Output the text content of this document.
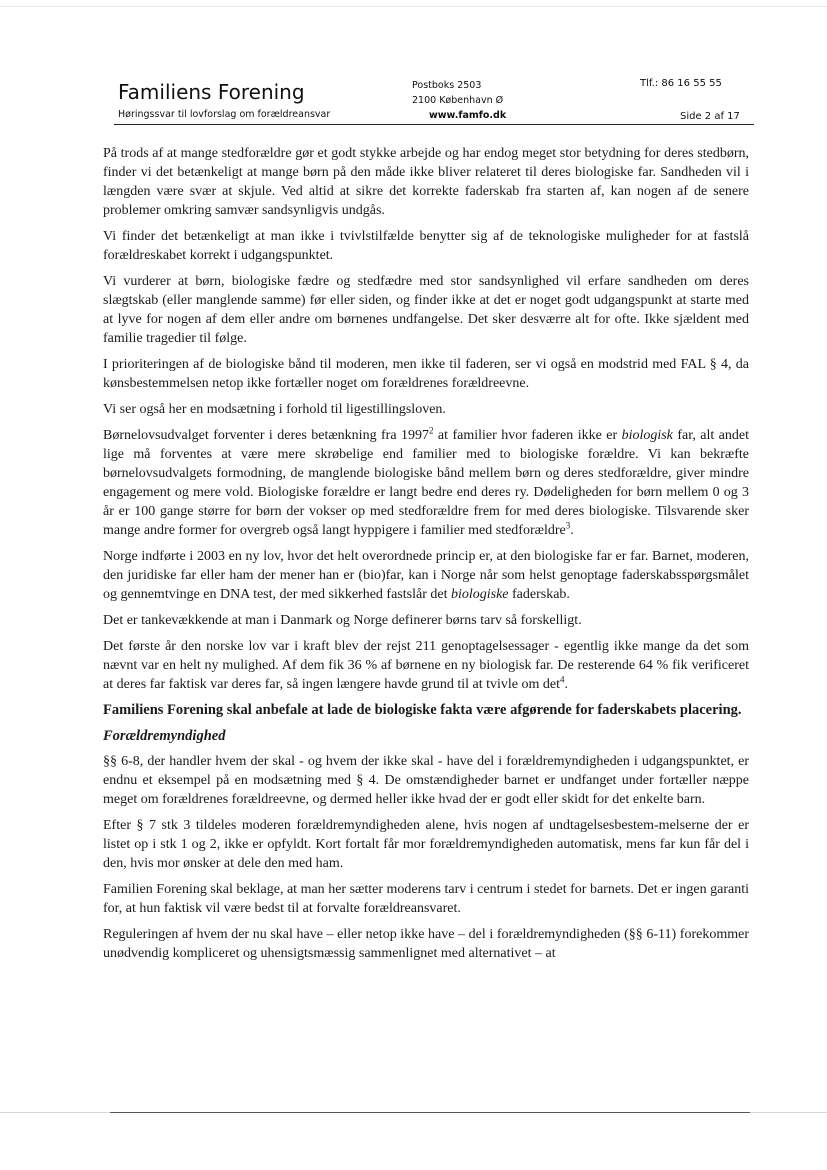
Familiens Forening
Høringssvar til lovforslag om forældreansvar
Postboks 2503
2100 København Ø
www.famfo.dk
Tlf.: 86 16 55 55
Side 2 af 17

På trods af at mange stedforældre gør et godt stykke arbejde og har endog meget stor betydning for deres stedbørn, finder vi det betænkeligt at mange børn på den måde ikke bliver relateret til deres biologiske far. Sandheden vil i længden være svær at skjule. Ved altid at sikre det korrekte faderskab fra starten af, kan nogen af de senere problemer omkring samvær sandsynligvis undgås.

Vi finder det betænkeligt at man ikke i tvivlstilfælde benytter sig af de teknologiske muligheder for at fastslå forældreskabet korrekt i udgangspunktet.

Vi vurderer at børn, biologiske fædre og stedfædre med stor sandsynlighed vil erfare sandheden om deres slægtskab (eller manglende samme) før eller siden, og finder ikke at det er noget godt udgangspunkt at starte med at lyve for nogen af dem eller andre om børnenes undfangelse. Det sker desværre alt for ofte. Ikke sjældent med familie tragedier til følge.

I prioriteringen af de biologiske bånd til moderen, men ikke til faderen, ser vi også en modstrid med FAL § 4, da kønsbestemmelsen netop ikke fortæller noget om forældrenes forældreevne.

Vi ser også her en modsætning i forhold til ligestillingsloven.

Børnelovsudvalget forventer i deres betænkning fra 1997$^2$ at familier hvor faderen ikke er biologisk far, alt andet lige må forventes at være mere skrøbelige end familier med to biologiske forældre. Vi kan bekræfte børnelovsudvalgets formodning, de manglende biologiske bånd mellem børn og deres stedforældre, giver mindre engagement og mere vold. Biologiske forældre er langt bedre end deres ry. Dødeligheden for børn mellem 0 og 3 år er 100 gange større for børn der vokser op med stedforældre frem for med deres biologiske. Tilsvarende sker mange andre former for overgreb også langt hyppigere i familier med stedforældre$^3$.

Norge indførte i 2003 en ny lov, hvor det helt overordnede princip er, at den biologiske far er far. Barnet, moderen, den juridiske far eller ham der mener han er (bio)far, kan i Norge når som helst genoptage faderskabsspørgsmålet og gennemtvinge en DNA test, der med sikkerhed fastslår det biologiske faderskab.

Det er tankevækkende at man i Danmark og Norge definerer børns tarv så forskelligt.

Det første år den norske lov var i kraft blev der rejst 211 genoptagelsessager - egentlig ikke mange da det som nævnt var en helt ny mulighed. Af dem fik 36 % af børnene en ny biologisk far. De resterende 64 % fik verificeret at deres far faktisk var deres far, så ingen længere havde grund til at tvivle om $\det^4$.

Familiens Forening skal anbefale at lade de biologiske fakta være afgørende for faderskabets placering.

Forældremyndighed

§§ 6-8, der handler hvem der skal - og hvem der ikke skal - have del i forældremyndigheden i udgangspunktet, er endnu et eksempel på en modsætning med § 4. De omstændigheder barnet er undfanget under fortæller næppe meget om forældrenes forældreevne, og dermed heller ikke hvad der er godt eller skidt for det enkelte barn.

Efter § 7 stk 3 tildeles moderen forældremyndigheden alene, hvis nogen af undtagelsesbestem-melserne der er listet op i stk 1 og 2, ikke er opfyldt. Kort fortalt får mor forældremyndigheden automatisk, mens far kun får del i den, hvis mor ønsker at dele den med ham.

Familien Forening skal beklage, at man her sætter moderens tarv i centrum i stedet for barnets. Det er ingen garanti for, at hun faktisk vil være bedst til at forvalte forældreansvaret.

Reguleringen af hvem der nu skal have – eller netop ikke have – del i forældremyndigheden (§§ 6-11) forekommer unødvendig kompliceret og uhensigtsmæssig sammenlignet med alternativet – at
